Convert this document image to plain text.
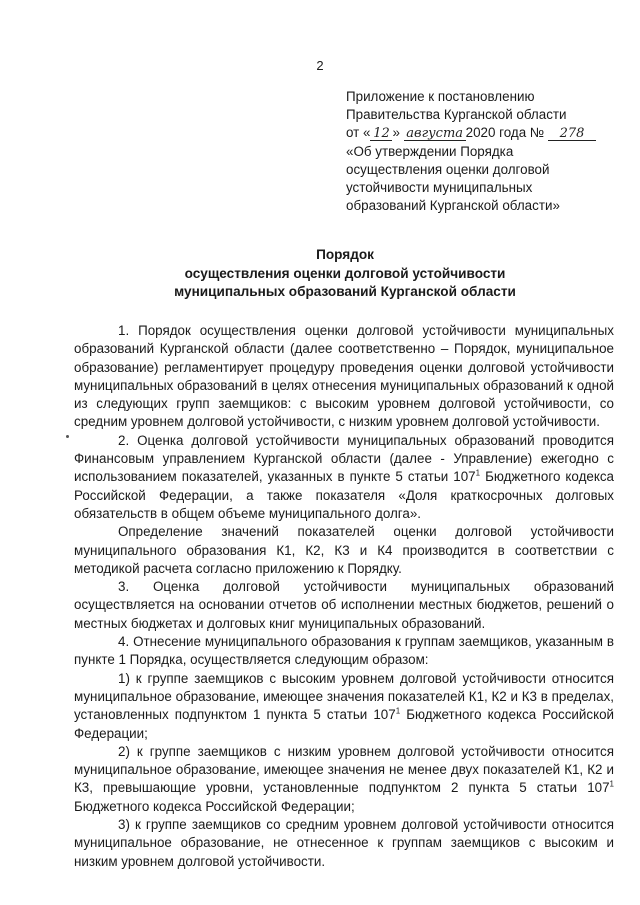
2
Приложение к постановлению
Правительства Курганской области
от « 12 » августа 2020 года № 278
«Об утверждении Порядка
осуществления оценки долговой
устойчивости муниципальных
образований Курганской области»
Порядок
осуществления оценки долговой устойчивости
муниципальных образований Курганской области

1. Порядок осуществления оценки долговой устойчивости муниципальных образований Курганской области (далее соответственно – Порядок, муниципальное образование) регламентирует процедуру проведения оценки долговой устойчивости муниципальных образований в целях отнесения муниципальных образований к одной из следующих групп заемщиков: с высоким уровнем долговой устойчивости, со средним уровнем долговой устойчивости, с низким уровнем долговой устойчивости.

2. Оценка долговой устойчивости муниципальных образований проводится Финансовым управлением Курганской области (далее - Управление) ежегодно с использованием показателей, указанных в пункте 5 статьи $107^1$ Бюджетного кодекса Российской Федерации, а также показателя «Доля краткосрочных долговых обязательств в общем объеме муниципального долга».

Определение значений показателей оценки долговой устойчивости муниципального образования К1, К2, К3 и К4 производится в соответствии с методикой расчета согласно приложению к Порядку.

3. Оценка долговой устойчивости муниципальных образований осуществляется на основании отчетов об исполнении местных бюджетов, решений о местных бюджетах и долговых книг муниципальных образований.

4. Отнесение муниципального образования к группам заемщиков, указанным в пункте 1 Порядка, осуществляется следующим образом:

1) к группе заемщиков с высоким уровнем долговой устойчивости относится муниципальное образование, имеющее значения показателей К1, К2 и К3 в пределах, установленных подпунктом 1 пункта 5 статьи $107^1$ Бюджетного кодекса Российской Федерации;

2) к группе заемщиков с низким уровнем долговой устойчивости относится муниципальное образование, имеющее значения не менее двух показателей К1, К2 и К3, превышающие уровни, установленные подпунктом 2 пункта 5 статьи $107^1$ Бюджетного кодекса Российской Федерации;

3) к группе заемщиков со средним уровнем долговой устойчивости относится муниципальное образование, не отнесенное к группам заемщиков с высоким и низким уровнем долговой устойчивости.
